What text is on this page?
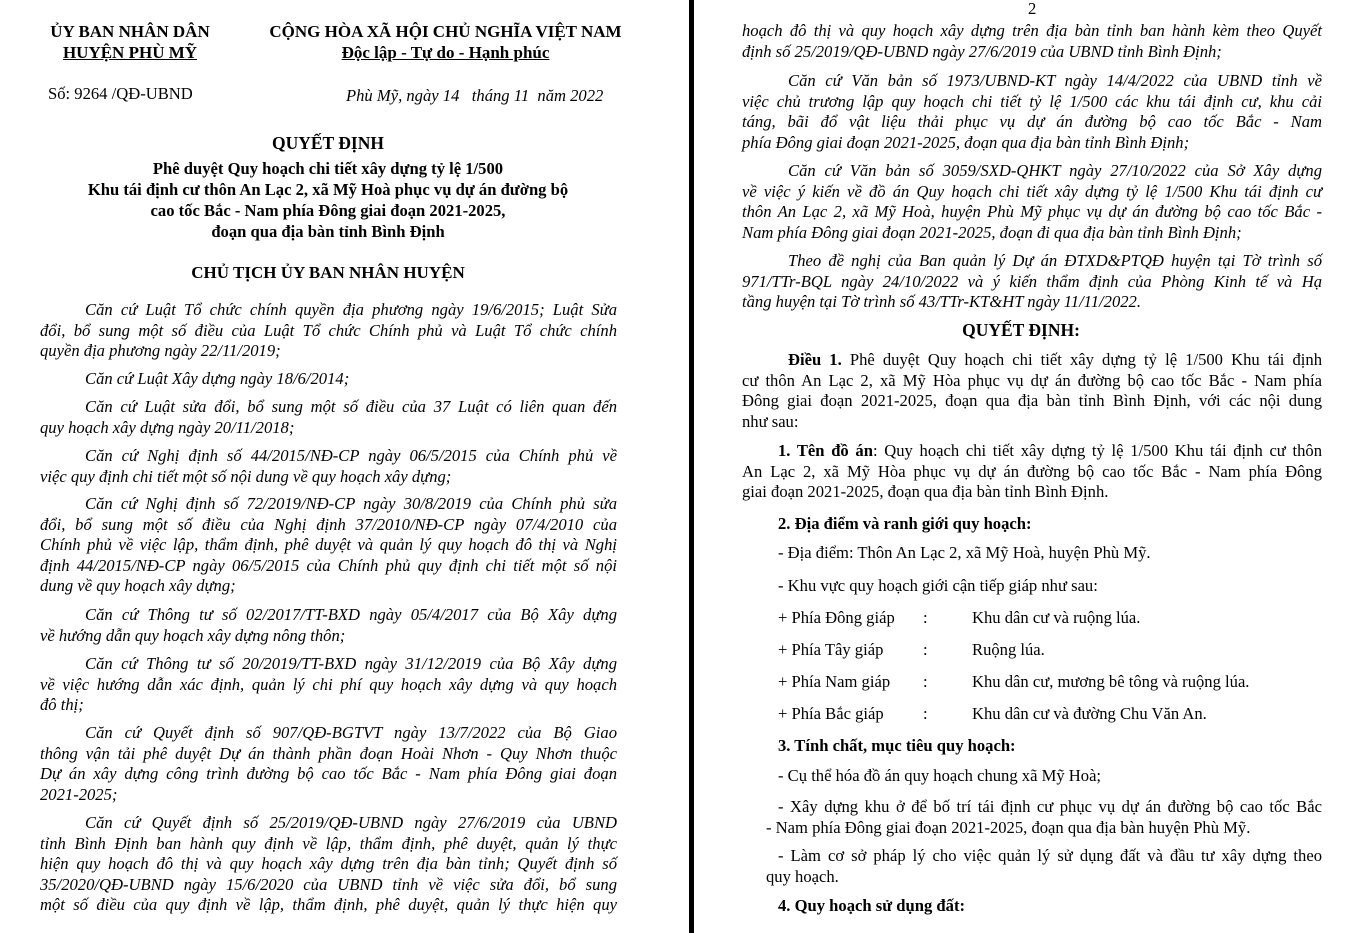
ỦY BAN NHÂN DÂN
HUYỆN PHÙ MỸ
CỘNG HÒA XÃ HỘI CHỦ NGHĨA VIỆT NAM
Độc lập - Tự do - Hạnh phúc
Số: 9264 /QĐ-UBND	Phù Mỹ, ngày 14   tháng 11  năm 2022
QUYẾT ĐỊNH
Phê duyệt Quy hoạch chi tiết xây dựng tỷ lệ 1/500
Khu tái định cư thôn An Lạc 2, xã Mỹ Hoà phục vụ dự án đường bộ
cao tốc Bắc - Nam phía Đông giai đoạn 2021-2025,
đoạn qua địa bàn tỉnh Bình Định
CHỦ TỊCH ỦY BAN NHÂN HUYỆN
Căn cứ Luật Tổ chức chính quyền địa phương ngày 19/6/2015; Luật Sửa
đổi, bổ sung một số điều của Luật Tổ chức Chính phủ và Luật Tổ chức chính
quyền địa phương ngày 22/11/2019;
Căn cứ Luật Xây dựng ngày 18/6/2014;
Căn cứ Luật sửa đổi, bổ sung một số điều của 37 Luật có liên quan đến
quy hoạch xây dựng ngày 20/11/2018;
Căn cứ Nghị định số 44/2015/NĐ-CP ngày 06/5/2015 của Chính phủ về
việc quy định chi tiết một số nội dung về quy hoạch xây dựng;
Căn cứ Nghị định số 72/2019/NĐ-CP ngày 30/8/2019 của Chính phủ sửa
đổi, bổ sung một số điều của Nghị định 37/2010/NĐ-CP ngày 07/4/2010 của
Chính phủ về việc lập, thẩm định, phê duyệt và quản lý quy hoạch đô thị và Nghị
định 44/2015/NĐ-CP ngày 06/5/2015 của Chính phủ quy định chi tiết một số nội
dung về quy hoạch xây dựng;
Căn cứ Thông tư số 02/2017/TT-BXD ngày 05/4/2017 của Bộ Xây dựng
về hướng dẫn quy hoạch xây dựng nông thôn;
Căn cứ Thông tư số 20/2019/TT-BXD ngày 31/12/2019 của Bộ Xây dựng
về việc hướng dẫn xác định, quản lý chi phí quy hoạch xây dựng và quy hoạch
đô thị;
Căn cứ Quyết định số 907/QĐ-BGTVT ngày 13/7/2022 của Bộ Giao
thông vận tải phê duyệt Dự án thành phần đoạn Hoài Nhơn - Quy Nhơn thuộc
Dự án xây dựng công trình đường bộ cao tốc Bắc - Nam phía Đông giai đoạn
2021-2025;
Căn cứ Quyết định số 25/2019/QĐ-UBND ngày 27/6/2019 của UBND
tỉnh Bình Định ban hành quy định về lập, thẩm định, phê duyệt, quản lý thực
hiện quy hoạch đô thị và quy hoạch xây dựng trên địa bàn tỉnh; Quyết định số
35/2020/QĐ-UBND ngày 15/6/2020 của UBND tỉnh về việc sửa đổi, bổ sung
một số điều của quy định về lập, thẩm định, phê duyệt, quản lý thực hiện quy
2
hoạch đô thị và quy hoạch xây dựng trên địa bàn tỉnh ban hành kèm theo Quyết
định số 25/2019/QĐ-UBND ngày 27/6/2019 của UBND tỉnh Bình Định;
Căn cứ Văn bản số 1973/UBND-KT ngày 14/4/2022 của UBND tỉnh về
việc chủ trương lập quy hoạch chi tiết tỷ lệ 1/500 các khu tái định cư, khu cải
táng, bãi đổ vật liệu thải phục vụ dự án đường bộ cao tốc Bắc - Nam
phía Đông giai đoạn 2021-2025, đoạn qua địa bàn tỉnh Bình Định;
Căn cứ Văn bản số 3059/SXD-QHKT ngày 27/10/2022 của Sở Xây dựng
về việc ý kiến về đồ án Quy hoạch chi tiết xây dựng tỷ lệ 1/500 Khu tái định cư
thôn An Lạc 2, xã Mỹ Hoà, huyện Phù Mỹ phục vụ dự án đường bộ cao tốc Bắc -
Nam phía Đông giai đoạn 2021-2025, đoạn đi qua địa bàn tỉnh Bình Định;
Theo đề nghị của Ban quản lý Dự án ĐTXD&PTQĐ huyện tại Tờ trình số
971/TTr-BQL ngày 24/10/2022 và ý kiến thẩm định của Phòng Kinh tế và Hạ
tầng huyện tại Tờ trình số 43/TTr-KT&HT ngày 11/11/2022.
QUYẾT ĐỊNH:
Điều 1. Phê duyệt Quy hoạch chi tiết xây dựng tỷ lệ 1/500 Khu tái định
cư thôn An Lạc 2, xã Mỹ Hòa phục vụ dự án đường bộ cao tốc Bắc - Nam phía
Đông giai đoạn 2021-2025, đoạn qua địa bàn tỉnh Bình Định, với các nội dung
như sau:
1. Tên đồ án: Quy hoạch chi tiết xây dựng tỷ lệ 1/500 Khu tái định cư thôn
An Lạc 2, xã Mỹ Hòa phục vụ dự án đường bộ cao tốc Bắc - Nam phía Đông
giai đoạn 2021-2025, đoạn qua địa bàn tỉnh Bình Định.
2. Địa điểm và ranh giới quy hoạch:
- Địa điểm: Thôn An Lạc 2, xã Mỹ Hoà, huyện Phù Mỹ.
- Khu vực quy hoạch giới cận tiếp giáp như sau:
+ Phía Đông giáp :	Khu dân cư và ruộng lúa.
+ Phía Tây giáp :	Ruộng lúa.
+ Phía Nam giáp :	Khu dân cư, mương bê tông và ruộng lúa.
+ Phía Bắc giáp :	Khu dân cư và đường Chu Văn An.
3. Tính chất, mục tiêu quy hoạch:
- Cụ thể hóa đồ án quy hoạch chung xã Mỹ Hoà;
- Xây dựng khu ở để bố trí tái định cư phục vụ dự án đường bộ cao tốc Bắc
- Nam phía Đông giai đoạn 2021-2025, đoạn qua địa bàn huyện Phù Mỹ.
- Làm cơ sở pháp lý cho việc quản lý sử dụng đất và đầu tư xây dựng theo
quy hoạch.
4. Quy hoạch sử dụng đất:
